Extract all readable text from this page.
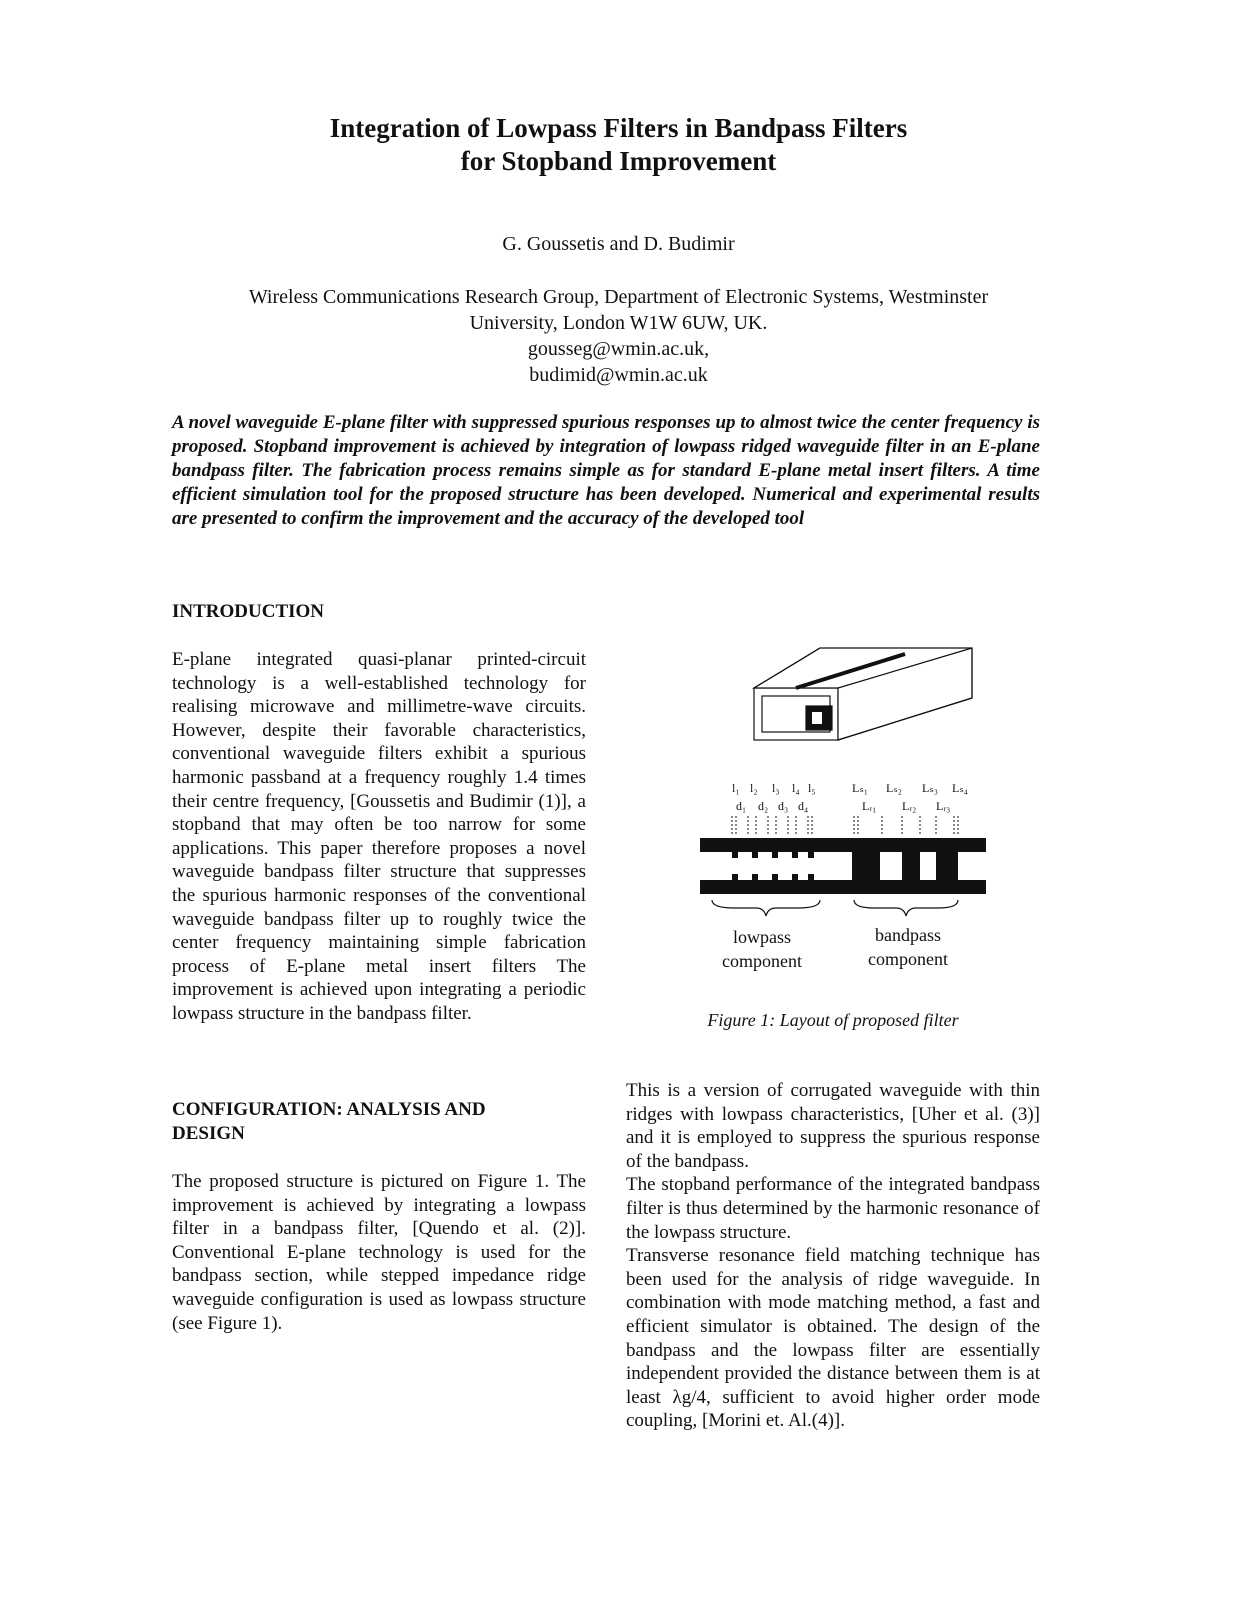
Integration of Lowpass Filters in Bandpass Filters
for Stopband Improvement
G. Goussetis and D. Budimir
Wireless Communications Research Group, Department of Electronic Systems, Westminster
University, London W1W 6UW, UK.
gousseg@wmin.ac.uk,
budimid@wmin.ac.uk
A novel waveguide E-plane filter with suppressed spurious responses up to almost twice the center frequency is proposed. Stopband improvement is achieved by integration of lowpass ridged waveguide filter in an E-plane bandpass filter. The fabrication process remains simple as for standard E-plane metal insert filters. A time efficient simulation tool for the proposed structure has been developed. Numerical and experimental results are presented to confirm the improvement and the accuracy of the developed tool

INTRODUCTION

E-plane integrated quasi-planar printed-circuit technology is a well-established technology for realising microwave and millimetre-wave circuits. However, despite their favorable characteristics, conventional waveguide filters exhibit a spurious harmonic passband at a frequency roughly 1.4 times their centre frequency, [Goussetis and Budimir (1)], a stopband that may often be too narrow for some applications. This paper therefore proposes a novel waveguide bandpass filter structure that suppresses the spurious harmonic responses of the conventional waveguide bandpass filter up to roughly twice the center frequency maintaining simple fabrication process of E-plane metal insert filters The improvement is achieved upon integrating a periodic lowpass structure in the bandpass filter.

CONFIGURATION: ANALYSIS AND

DESIGN

The proposed structure is pictured on Figure 1. The improvement is achieved by integrating a lowpass filter in a bandpass filter, [Quendo et al. (2)]. Conventional E-plane technology is used for the bandpass section, while stepped impedance ridge waveguide configuration is used as lowpass structure (see Figure 1).

This is a version of corrugated waveguide with thin ridges with lowpass characteristics, [Uher et al. (3)] and it is employed to suppress the spurious response of the bandpass.

The stopband performance of the integrated bandpass filter is thus determined by the harmonic resonance of the lowpass structure.

Transverse resonance field matching technique has been used for the analysis of ridge waveguide. In combination with mode matching method, a fast and efficient simulator is obtained. The design of the bandpass and the lowpass filter are essentially independent provided the distance between them is at least λg/4, sufficient to avoid higher order mode coupling, [Morini et. Al.(4)].

l₁ l₂ l₃ l₄ l₅
d₁ d₂ d₃ d₄
Lₛ₁ Lₛ₂ Lₛ₃ Lₛ₄
Lᵣ₁ Lᵣ₂ Lᵣ₃
lowpass
component
bandpass
component
Figure 1: Layout of proposed filter
